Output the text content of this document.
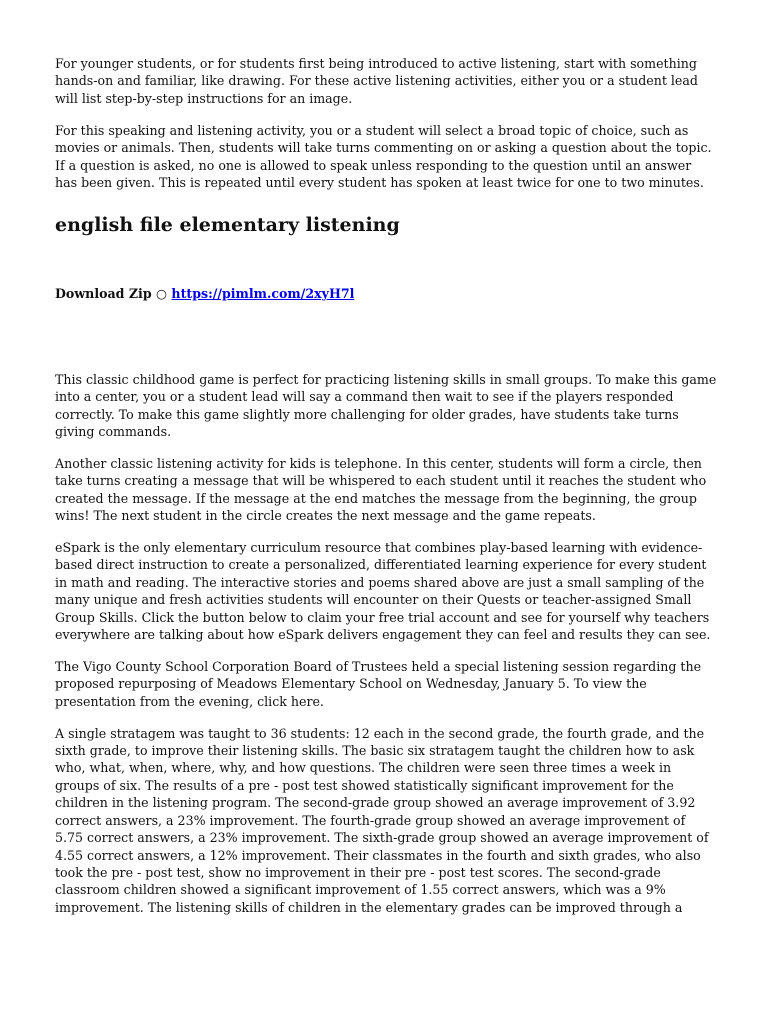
For younger students, or for students first being introduced to active listening, start with something hands-on and familiar, like drawing. For these active listening activities, either you or a student lead will list step-by-step instructions for an image.

For this speaking and listening activity, you or a student will select a broad topic of choice, such as movies or animals. Then, students will take turns commenting on or asking a question about the topic. If a question is asked, no one is allowed to speak unless responding to the question until an answer has been given. This is repeated until every student has spoken at least twice for one to two minutes.

english file elementary listening

Download Zip ○ https://pimlm.com/2xyH7l

This classic childhood game is perfect for practicing listening skills in small groups. To make this game into a center, you or a student lead will say a command then wait to see if the players responded correctly. To make this game slightly more challenging for older grades, have students take turns giving commands.

Another classic listening activity for kids is telephone. In this center, students will form a circle, then take turns creating a message that will be whispered to each student until it reaches the student who created the message. If the message at the end matches the message from the beginning, the group wins! The next student in the circle creates the next message and the game repeats.

eSpark is the only elementary curriculum resource that combines play-based learning with evidence-based direct instruction to create a personalized, differentiated learning experience for every student in math and reading. The interactive stories and poems shared above are just a small sampling of the many unique and fresh activities students will encounter on their Quests or teacher-assigned Small Group Skills. Click the button below to claim your free trial account and see for yourself why teachers everywhere are talking about how eSpark delivers engagement they can feel and results they can see.

The Vigo County School Corporation Board of Trustees held a special listening session regarding the proposed repurposing of Meadows Elementary School on Wednesday, January 5. To view the presentation from the evening, click here.

A single stratagem was taught to 36 students: 12 each in the second grade, the fourth grade, and the sixth grade, to improve their listening skills. The basic six stratagem taught the children how to ask who, what, when, where, why, and how questions. The children were seen three times a week in groups of six. The results of a pre - post test showed statistically significant improvement for the children in the listening program. The second-grade group showed an average improvement of 3.92 correct answers, a 23% improvement. The fourth-grade group showed an average improvement of 5.75 correct answers, a 23% improvement. The sixth-grade group showed an average improvement of 4.55 correct answers, a 12% improvement. Their classmates in the fourth and sixth grades, who also took the pre - post test, show no improvement in their pre - post test scores. The second-grade classroom children showed a significant improvement of 1.55 correct answers, which was a 9% improvement. The listening skills of children in the elementary grades can be improved through a
